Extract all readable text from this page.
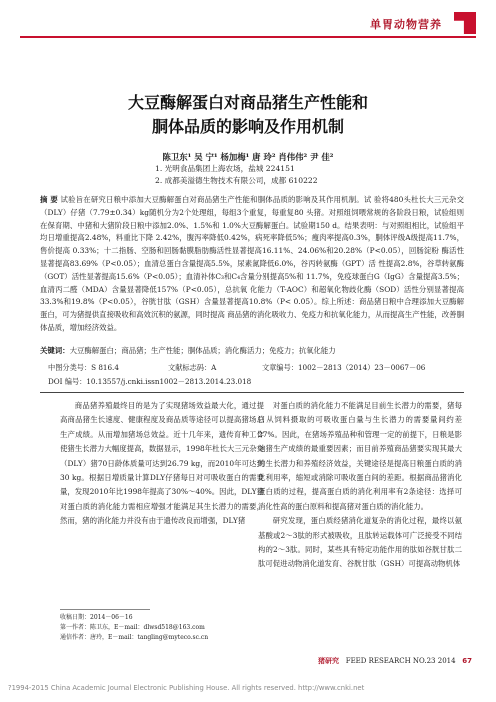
单胃动物营养
大豆酶解蛋白对商品猪生产性能和
胴体品质的影响及作用机制
陈卫东¹ 吴 宁¹ 杨加梅¹ 唐 玲² 肖伟伟² 尹 佳²
1. 光明食品集团上海农场，盐城 224151
2. 成都美溢德生物技术有限公司，成都 610222
摘 要 试验旨在研究日粮中添加大豆酶解蛋白对商品猪生产性能和胴体品质的影响及其作用机制。试 验将480头杜长大三元杂交（DLY）仔猪（7.79±0.34）kg随机分为2个处理组，每组3个重复，每重复80 头猪。对照组饲喂常规的各阶段日粮，试验组则在保育期、中猪和大猪阶段日粮中添加2.0%、1.5%和 1.0%大豆酶解蛋白。试验期150 d。结果表明：与对照组相比，试验组平均日增重提高2.48%，料重比下降 2.42%，腹泻率降低0.42%，病死率降低5%；瘦肉率提高0.3%，胴体评级A级提高11.7%，售价提高 0.33%；十二指肠、空肠和回肠黏膜脂肪酶活性显著提高16.11%、24.06%和20.28%（P<0.05），回肠淀粉 酶活性显著提高83.69%（P<0.05）；血清总蛋白含量提高5.5%，尿素氮降低6.0%，谷丙转氨酶（GPT）活 性提高2.8%，谷草转氨酶（GOT）活性显著提高15.6%（P<0.05）；血清补体C₃和C₄含量分别提高5%和 11.7%，免疫球蛋白G（IgG）含量提高3.5%；血清丙二醛（MDA）含量显著降低157%（P<0.05），总抗氧 化能力（T-AOC）和超氧化物歧化酶（SOD）活性分别显著提高33.3%和19.8%（P<0.05），谷胱甘肽（GSH）含量显著提高10.8%（P< 0.05）。综上所述：商品猪日粮中合理添加大豆酶解蛋白，可为猪提供直接吸收和高效沉积的氨源，同时提高 商品猪的消化吸收力、免疫力和抗氧化能力，从而提高生产性能，改善胴体品质，增加经济效益。
关键词：大豆酶解蛋白；商品猪；生产性能；胴体品质；消化酶活力；免疫力；抗氧化能力
中图分类号：S 816.4	文献标志码：A	文章编号：1002－2813（2014）23－0067－06
DOI 编号：10.13557/j.cnki.issn1002－2813.2014.23.018

商品猪养殖最终目的是为了实现猪场效益最大化，通过提高商品猪生长速度、健康程度及商品质等途径可以提高猪场总生产成绩。从而增加猪场总效益。近十几年来，遗传育种工作使猪生长潜力大幅度提高，数据显示，1998年杜长大三元杂交（DLY）猪70日龄体质量可达到26.79 kg，而2010年可达到30 kg。根据日增质量计算DLY仔猪每日对可吸收蛋白的需要量，发现2010年比1998年提高了30%～40%。因此，DLY猪对蛋白质的消化能力需相应增强才能满足其生长潜力的需要，然而，猪的消化能力并没有由于遗传改良而增强，DLY猪

对蛋白质的消化能力不能满足目前生长潜力的需要，猪每日从饲料摄取的可吸收蛋白量与生长潜力的需要量间约差27%。因此，在猪场养殖品种和管理一定的前提下，日粮是影响猪生产成绩的最重要因素；而目前养殖商品猪要实现其最大的生长潜力和养殖经济效益，关键途径是提高日粮蛋白质的消化利用率，缩短或消除可吸收蛋白间的差距。根据商品猪消化蛋白质的过程，提高蛋白质的消化利用率有2条途径：选择可消化性高的蛋白原料和提高猪对蛋白质的消化能力。

研究发现，蛋白质经猪消化道复杂的消化过程，最终以氨基酸或2～3肽的形式被吸收，且肽转运载体可广泛接受不同结构的2～3肽。同时，某些具有特定功能作用的肽如谷胱甘肽二肽可促进动物消化道发育、谷胱甘肽（GSH）可提高动物机体

收稿日期：2014－06－16
第一作者：陈卫东，E－mail：dlwsd518@163.com
通信作者：唐玲，E－mail：tangling@myteco.sc.cn
猪研究 FEED RESEARCH NO.23 2014 67
?1994-2015 China Academic Journal Electronic Publishing House. All rights reserved. http://www.cnki.net
